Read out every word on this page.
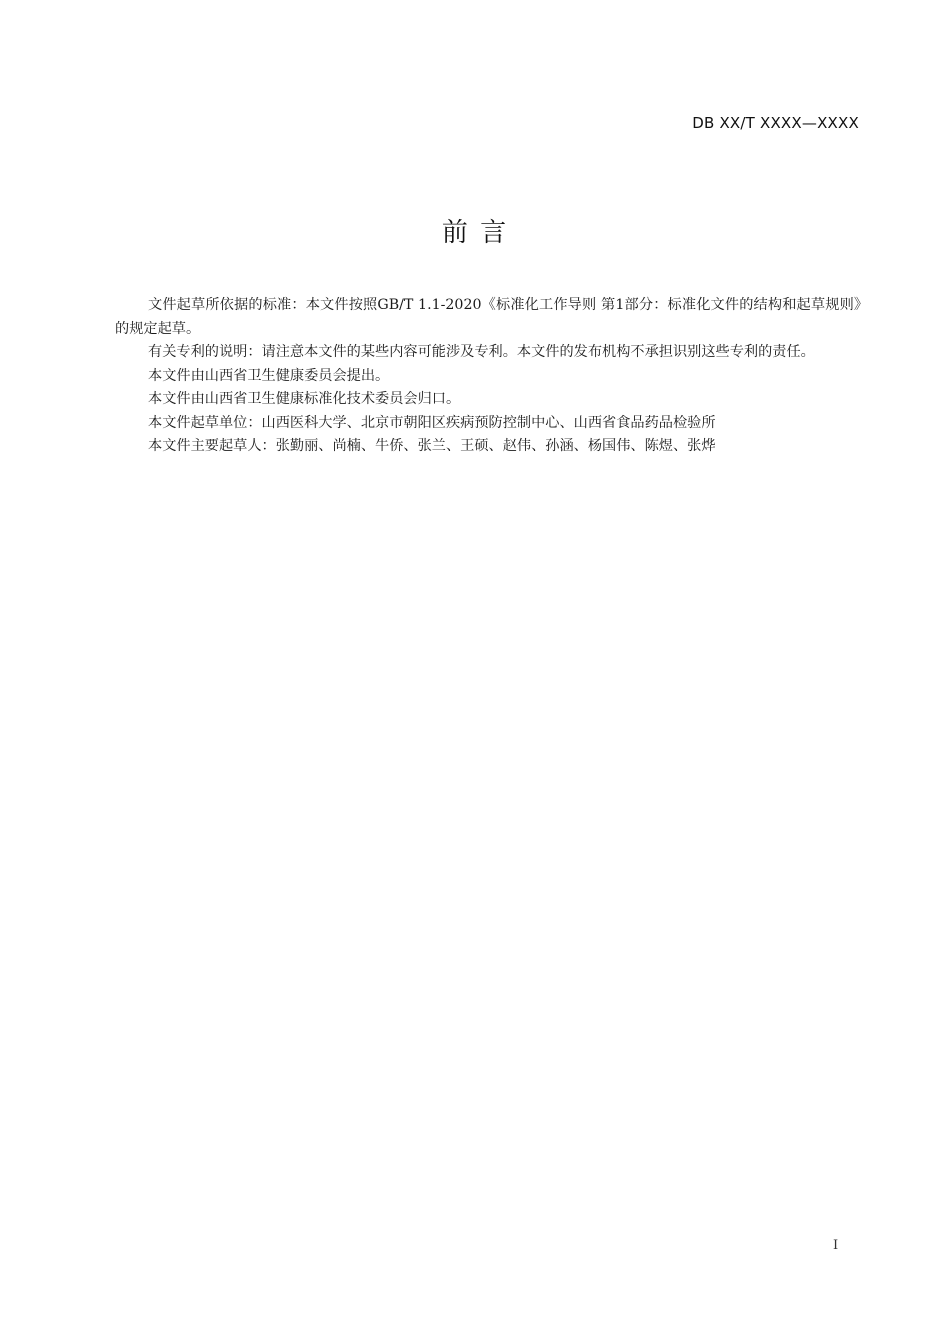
DB XX/T XXXX—XXXX
前 言

文件起草所依据的标准：本文件按照GB/T 1.1-2020《标准化工作导则 第1部分：标准化文件的结构和起草规则》的规定起草。

有关专利的说明：请注意本文件的某些内容可能涉及专利。本文件的发布机构不承担识别这些专利的责任。

本文件由山西省卫生健康委员会提出。

本文件由山西省卫生健康标准化技术委员会归口。

本文件起草单位：山西医科大学、北京市朝阳区疾病预防控制中心、山西省食品药品检验所

本文件主要起草人：张勤丽、尚楠、牛侨、张兰、王硕、赵伟、孙涵、杨国伟、陈煜、张烨

I
